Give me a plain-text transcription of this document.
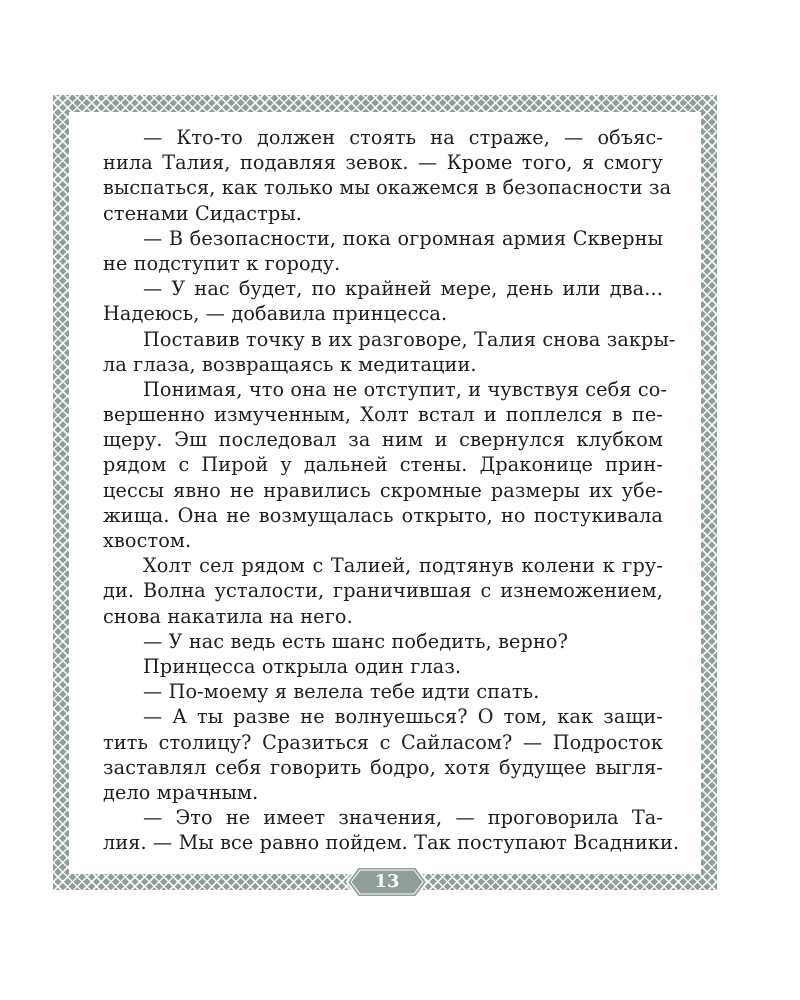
— Кто-то должен стоять на страже, — объяс-
нила Талия, подавляя зевок. — Кроме того, я смогу
выспаться, как только мы окажемся в безопасности за
стенами Сидастры.
— В безопасности, пока огромная армия Скверны
не подступит к городу.
— У нас будет, по крайней мере, день или два...
Надеюсь, — добавила принцесса.
Поставив точку в их разговоре, Талия снова закры-
ла глаза, возвращаясь к медитации.
Понимая, что она не отступит, и чувствуя себя со-
вершенно измученным, Холт встал и поплелся в пе-
щеру. Эш последовал за ним и свернулся клубком
рядом с Пирой у дальней стены. Драконице прин-
цессы явно не нравились скромные размеры их убе-
жища. Она не возмущалась открыто, но постукивала
хвостом.
Холт сел рядом с Талией, подтянув колени к гру-
ди. Волна усталости, граничившая с изнеможением,
снова накатила на него.
— У нас ведь есть шанс победить, верно?
Принцесса открыла один глаз.
— По-моему я велела тебе идти спать.
— А ты разве не волнуешься? О том, как защи-
тить столицу? Сразиться с Сайласом? — Подросток
заставлял себя говорить бодро, хотя будущее выгля-
дело мрачным.
— Это не имеет значения, — проговорила Та-
лия. — Мы все равно пойдем. Так поступают Всадники.
13
